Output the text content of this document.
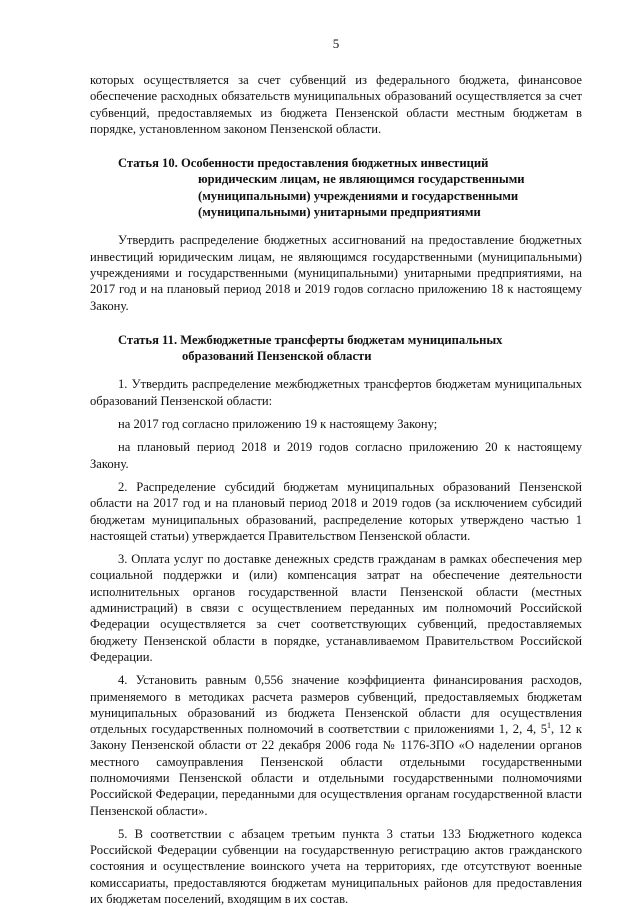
5

которых осуществляется за счет субвенций из федерального бюджета, финансовое обеспечение расходных обязательств муниципальных образований осуществляется за счет субвенций, предоставляемых из бюджета Пензенской области местным бюджетам в порядке, установленном законом Пензенской области.

Статья 10. Особенности предоставления бюджетных инвестиций
юридическим лицам, не являющимся государственными
(муниципальными) учреждениями и государственными
(муниципальными) унитарными предприятиями

Утвердить распределение бюджетных ассигнований на предоставление бюджетных инвестиций юридическим лицам, не являющимся государственными (муниципальными) учреждениями и государственными (муниципальными) унитарными предприятиями, на 2017 год и на плановый период 2018 и 2019 годов согласно приложению 18 к настоящему Закону.

Статья 11. Межбюджетные трансферты бюджетам муниципальных
образований Пензенской области

1. Утвердить распределение межбюджетных трансфертов бюджетам муниципальных образований Пензенской области:

на 2017 год согласно приложению 19 к настоящему Закону;

на плановый период 2018 и 2019 годов согласно приложению 20 к настоящему Закону.

2. Распределение субсидий бюджетам муниципальных образований Пензенской области на 2017 год и на плановый период 2018 и 2019 годов (за исключением субсидий бюджетам муниципальных образований, распределение которых утверждено частью 1 настоящей статьи) утверждается Правительством Пензенской области.

3. Оплата услуг по доставке денежных средств гражданам в рамках обеспечения мер социальной поддержки и (или) компенсация затрат на обеспечение деятельности исполнительных органов государственной власти Пензенской области (местных администраций) в связи с осуществлением переданных им полномочий Российской Федерации осуществляется за счет соответствующих субвенций, предоставляемых бюджету Пензенской области в порядке, устанавливаемом Правительством Российской Федерации.

4. Установить равным 0,556 значение коэффициента финансирования расходов, применяемого в методиках расчета размеров субвенций, предоставляемых бюджетам муниципальных образований из бюджета Пензенской области для осуществления отдельных государственных полномочий в соответствии с приложениями 1, 2, 4, $5^1$, 12 к Закону Пензенской области от 22 декабря 2006 года № 1176-ЗПО «О наделении органов местного самоуправления Пензенской области отдельными государственными полномочиями Пензенской области и отдельными государственными полномочиями Российской Федерации, переданными для осуществления органам государственной власти Пензенской области».

5. В соответствии с абзацем третьим пункта 3 статьи 133 Бюджетного кодекса Российской Федерации субвенции на государственную регистрацию актов гражданского состояния и осуществление воинского учета на территориях, где отсутствуют военные комиссариаты, предоставляются бюджетам муниципальных районов для предоставления их бюджетам поселений, входящим в их состав.
